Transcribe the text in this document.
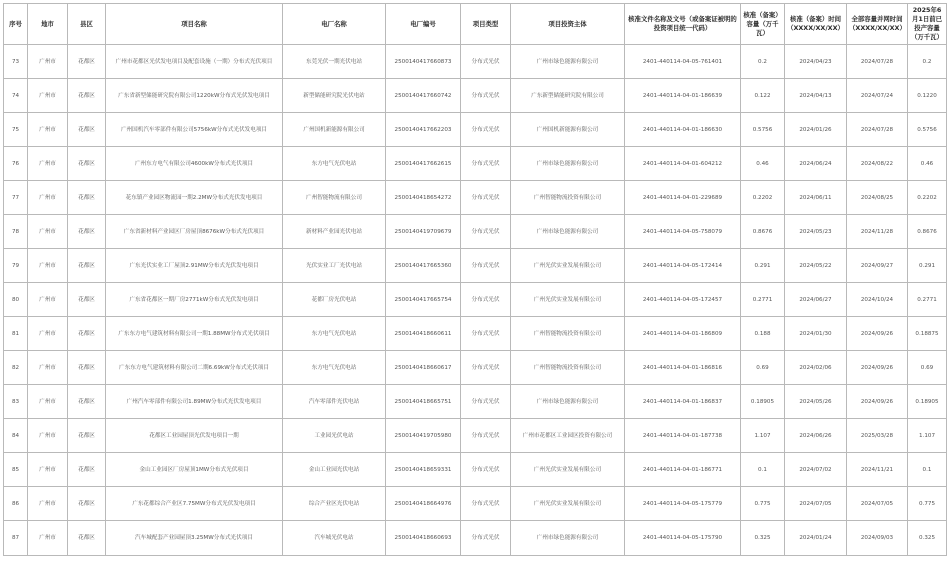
序号	地市	县区	项目名称	电厂名称	电厂编号	项目类型	项目投资主体	核准文件名称及文号（或备案证被明的投资项目统一代码）	核准（备案）容量（万千瓦）	核准（备案）时间（XXXX/XX/XX）	全部容量并网时间（XXXX/XX/XX）	2025年6月1日前已投产容量（万千瓦）
73	广州市	花都区	广州市花都区光伏发电项目及配套设施（一期）分布式光伏项目	东莞光伏一期光伏电站	2500140417660873	分布式光伏	广州市绿色能源有限公司	2401-440114-04-05-761401	0.2	2024/04/23	2024/07/28	0.2
74	广州市	花都区	广东省新型储能研究院有限公司1220kW分布式光伏发电项目	新型储能研究院光伏电站	2500140417660742	分布式光伏	广东新型储能研究院有限公司	2401-440114-04-01-186639	0.122	2024/04/13	2024/07/24	0.1220
75	广州市	花都区	广州国机汽车零部件有限公司5756kW分布式光伏发电项目	广州国机新能源有限公司	2500140417662203	分布式光伏	广州国机新能源有限公司	2401-440114-04-01-186630	0.5756	2024/01/26	2024/07/28	0.5756
76	广州市	花都区	广州东方电气有限公司4600kW分布式光伏项目	东方电气光伏电站	2500140417662615	分布式光伏	广州市绿色能源有限公司	2401-440114-04-01-604212	0.46	2024/06/24	2024/08/22	0.46
77	广州市	花都区	花东镇产业园区物流园一期2.2MW分布式光伏发电项目	广州智能物流有限公司	2500140418654272	分布式光伏	广州智能物流投资有限公司	2401-440114-04-01-229689	0.2202	2024/06/11	2024/08/25	0.2202
78	广州市	花都区	广东省新材料产业园区厂房屋顶8676kW分布式光伏项目	新材料产业园光伏电站	2500140419709679	分布式光伏	广州市绿色能源有限公司	2401-440114-04-05-758079	0.8676	2024/05/23	2024/11/28	0.8676
79	广州市	花都区	广东光伏实业工厂屋顶2.91MW分布式光伏发电项目	光伏实业工厂光伏电站	2500140417665360	分布式光伏	广州光伏实业发展有限公司	2401-440114-04-05-172414	0.291	2024/05/22	2024/09/27	0.291
80	广州市	花都区	广东省花都区一期厂房2771kW分布式光伏发电项目	花都厂房光伏电站	2500140417665754	分布式光伏	广州光伏实业发展有限公司	2401-440114-04-05-172457	0.2771	2024/06/27	2024/10/24	0.2771
81	广州市	花都区	广东东方电气建筑材料有限公司一期1.88MW分布式光伏项目	东方电气光伏电站	2500140418660611	分布式光伏	广州智能物流投资有限公司	2401-440114-04-01-186809	0.188	2024/01/30	2024/09/26	0.18875
82	广州市	花都区	广东东方电气建筑材料有限公司二期6.69kW分布式光伏项目	东方电气光伏电站	2500140418660617	分布式光伏	广州智能物流投资有限公司	2401-440114-04-01-186816	0.69	2024/02/06	2024/09/26	0.69
83	广州市	花都区	广州汽车零部件有限公司1.89MW分布式光伏发电项目	汽车零部件光伏电站	2500140418665751	分布式光伏	广州市绿色能源有限公司	2401-440114-04-01-186837	0.18905	2024/05/26	2024/09/26	0.18905
84	广州市	花都区	花都区工业园屋顶光伏发电项目一期	工业园光伏电站	2500140419705980	分布式光伏	广州市花都区工业园区投资有限公司	2401-440114-04-01-187738	1.107	2024/06/26	2025/03/28	1.107
85	广州市	花都区	金山工业园区厂房屋顶1MW分布式光伏项目	金山工业园光伏电站	2500140418659331	分布式光伏	广州光伏实业发展有限公司	2401-440114-04-01-186771	0.1	2024/07/02	2024/11/21	0.1
86	广州市	花都区	广东花都综合产业区7.75MW分布式光伏发电项目	综合产业区光伏电站	2500140418664976	分布式光伏	广州光伏实业发展有限公司	2401-440114-04-05-175779	0.775	2024/07/05	2024/07/05	0.775
87	广州市	花都区	汽车城配套产业园屋顶3.25MW分布式光伏项目	汽车城光伏电站	2500140418660693	分布式光伏	广州市绿色能源有限公司	2401-440114-04-05-175790	0.325	2024/01/24	2024/09/03	0.325
